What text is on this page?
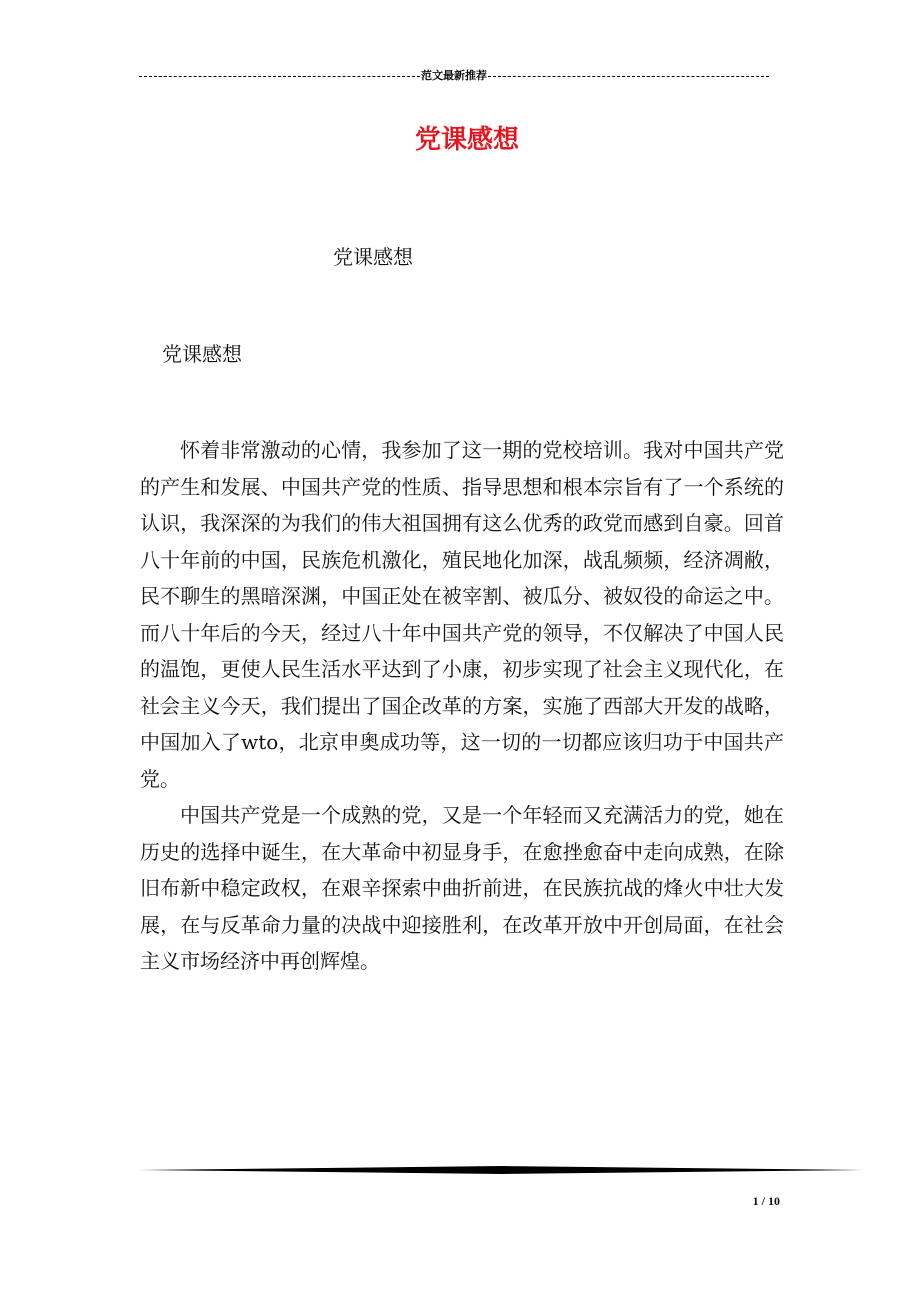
范文最新推荐
党课感想
党课感想
党课感想

怀着非常激动的心情，我参加了这一期的党校培训。我对中国共产党的产生和发展、中国共产党的性质、指导思想和根本宗旨有了一个系统的认识，我深深的为我们的伟大祖国拥有这么优秀的政党而感到自豪。回首八十年前的中国，民族危机激化，殖民地化加深，战乱频频，经济凋敝，民不聊生的黑暗深渊，中国正处在被宰割、被瓜分、被奴役的命运之中。而八十年后的今天，经过八十年中国共产党的领导，不仅解决了中国人民的温饱，更使人民生活水平达到了小康，初步实现了社会主义现代化，在社会主义今天，我们提出了国企改革的方案，实施了西部大开发的战略，中国加入了wto，北京申奥成功等，这一切的一切都应该归功于中国共产党。

中国共产党是一个成熟的党，又是一个年轻而又充满活力的党，她在历史的选择中诞生，在大革命中初显身手，在愈挫愈奋中走向成熟，在除旧布新中稳定政权，在艰辛探索中曲折前进，在民族抗战的烽火中壮大发展，在与反革命力量的决战中迎接胜利，在改革开放中开创局面，在社会主义市场经济中再创辉煌。

1 / 10
